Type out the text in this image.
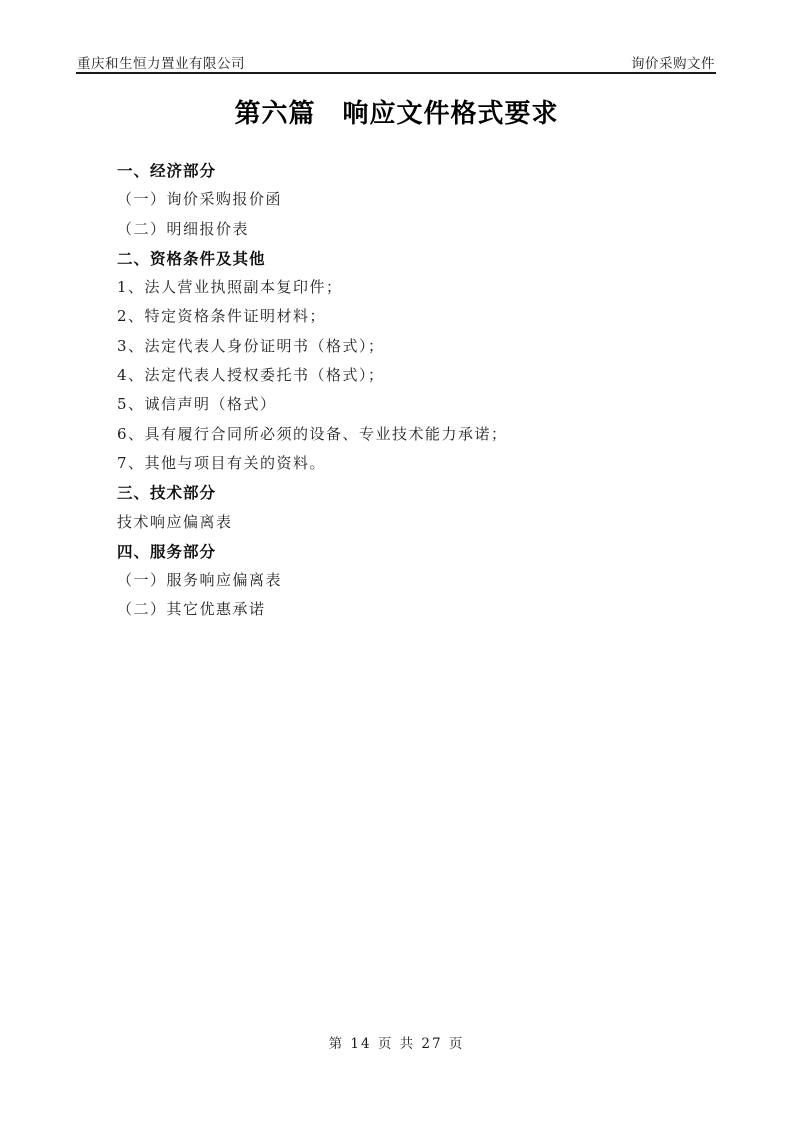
重庆和生恒力置业有限公司	询价采购文件
第六篇　响应文件格式要求
一、经济部分
（一）询价采购报价函
（二）明细报价表
二、资格条件及其他
1、法人营业执照副本复印件；
2、特定资格条件证明材料；
3、法定代表人身份证明书（格式）；
4、法定代表人授权委托书（格式）；
5、诚信声明（格式）
6、具有履行合同所必须的设备、专业技术能力承诺；
7、其他与项目有关的资料。
三、技术部分
技术响应偏离表
四、服务部分
（一）服务响应偏离表
（二）其它优惠承诺
第 14 页 共 27 页
